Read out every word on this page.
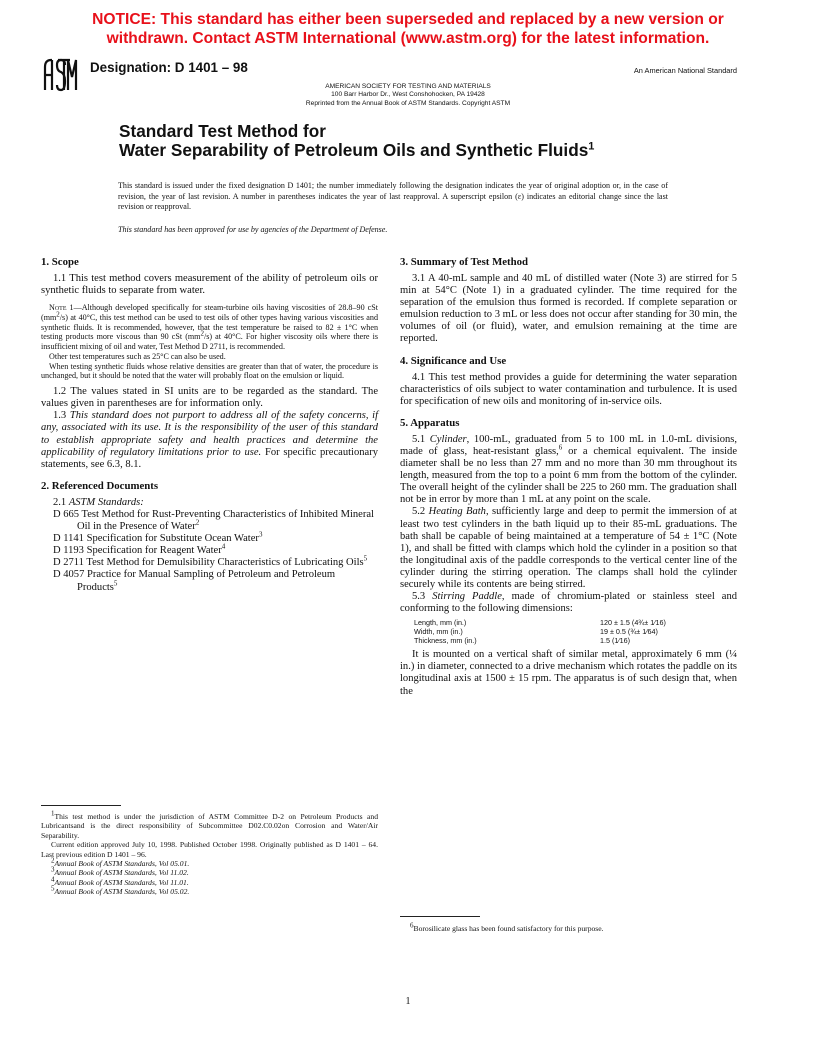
NOTICE: This standard has either been superseded and replaced by a new version or
withdrawn. Contact ASTM International (www.astm.org) for the latest information.
Designation: D 1401 – 98	An American National Standard
AMERICAN SOCIETY FOR TESTING AND MATERIALS
100 Barr Harbor Dr., West Conshohocken, PA 19428
Reprinted from the Annual Book of ASTM Standards. Copyright ASTM
Standard Test Method for
Water Separability of Petroleum Oils and Synthetic Fluids$^1$
This standard is issued under the fixed designation D 1401; the number immediately following the designation indicates the year of original adoption or, in the case of revision, the year of last revision. A number in parentheses indicates the year of last reapproval. A superscript epsilon (ε) indicates an editorial change since the last revision or reapproval.
This standard has been approved for use by agencies of the Department of Defense.
1. Scope

1.1 This test method covers measurement of the ability of petroleum oils or synthetic fluids to separate from water.

Note 1—Although developed specifically for steam-turbine oils having viscosities of 28.8–90 cSt $(mm^2/s)$ at 40°C, this test method can be used to test oils of other types having various viscosities and synthetic fluids. It is recommended, however, that the test temperature be raised to 82 ± 1°C when testing products more viscous than 90 cSt $(mm^2/s)$ at 40°C. For higher viscosity oils where there is insufficient mixing of oil and water, Test Method D 2711, is recommended.

Other test temperatures such as 25°C can also be used.

When testing synthetic fluids whose relative densities are greater than that of water, the procedure is unchanged, but it should be noted that the water will probably float on the emulsion or liquid.

1.2 The values stated in SI units are to be regarded as the standard. The values given in parentheses are for information only.

1.3 This standard does not purport to address all of the safety concerns, if any, associated with its use. It is the responsibility of the user of this standard to establish appropriate safety and health practices and determine the applicability of regulatory limitations prior to use. For specific precautionary statements, see 6.3, 8.1.

2. Referenced Documents
2.1 ASTM Standards:
D 665 Test Method for Rust-Preventing Characteristics of Inhibited Mineral Oil in the Presence of Water$^2$
D 1141 Specification for Substitute Ocean Water$^3$
D 1193 Specification for Reagent Water$^4$
D 2711 Test Method for Demulsibility Characteristics of Lubricating Oils$^5$
D 4057 Practice for Manual Sampling of Petroleum and Petroleum Products$^5$

$^1$This test method is under the jurisdiction of ASTM Committee D-2 on Petroleum Products and Lubricantsand is the direct responsibility of Subcommittee D02.C0.02on Corrosion and Water/Air Separability.

Current edition approved July 10, 1998. Published October 1998. Originally published as D 1401 – 64. Last previous edition D 1401 – 96.

$^2$Annual Book of ASTM Standards, Vol 05.01.

$^3$Annual Book of ASTM Standards, Vol 11.02.

$^4$Annual Book of ASTM Standards, Vol 11.01.

$^5$Annual Book of ASTM Standards, Vol 05.02.

3. Summary of Test Method

3.1 A 40-mL sample and 40 mL of distilled water (Note 3) are stirred for 5 min at 54°C (Note 1) in a graduated cylinder. The time required for the separation of the emulsion thus formed is recorded. If complete separation or emulsion reduction to 3 mL or less does not occur after standing for 30 min, the volumes of oil (or fluid), water, and emulsion remaining at the time are reported.

4. Significance and Use

4.1 This test method provides a guide for determining the water separation characteristics of oils subject to water contamination and turbulence. It is used for specification of new oils and monitoring of in-service oils.

5. Apparatus

5.1 Cylinder, 100-mL, graduated from 5 to 100 mL in 1.0-mL divisions, made of glass, heat-resistant glass,$^6$ or a chemical equivalent. The inside diameter shall be no less than 27 mm and no more than 30 mm throughout its length, measured from the top to a point 6 mm from the bottom of the cylinder. The overall height of the cylinder shall be 225 to 260 mm. The graduation shall not be in error by more than 1 mL at any point on the scale.

5.2 Heating Bath, sufficiently large and deep to permit the immersion of at least two test cylinders in the bath liquid up to their 85-mL graduations. The bath shall be capable of being maintained at a temperature of 54 ± 1°C (Note 1), and shall be fitted with clamps which hold the cylinder in a position so that the longitudinal axis of the paddle corresponds to the vertical center line of the cylinder during the stirring operation. The clamps shall hold the cylinder securely while its contents are being stirred.

5.3 Stirring Paddle, made of chromium-plated or stainless steel and conforming to the following dimensions:

Length, mm (in.)	120 ± 1.5 (4¾± 1⁄16)
Width, mm (in.)	19 ± 0.5 (¾± 1⁄64)
Thickness, mm (in.)	1.5 (1⁄16)

It is mounted on a vertical shaft of similar metal, approximately 6 mm (¼ in.) in diameter, connected to a drive mechanism which rotates the paddle on its longitudinal axis at 1500 ± 15 rpm. The apparatus is of such design that, when the

$^6$Borosilicate glass has been found satisfactory for this purpose.
1
